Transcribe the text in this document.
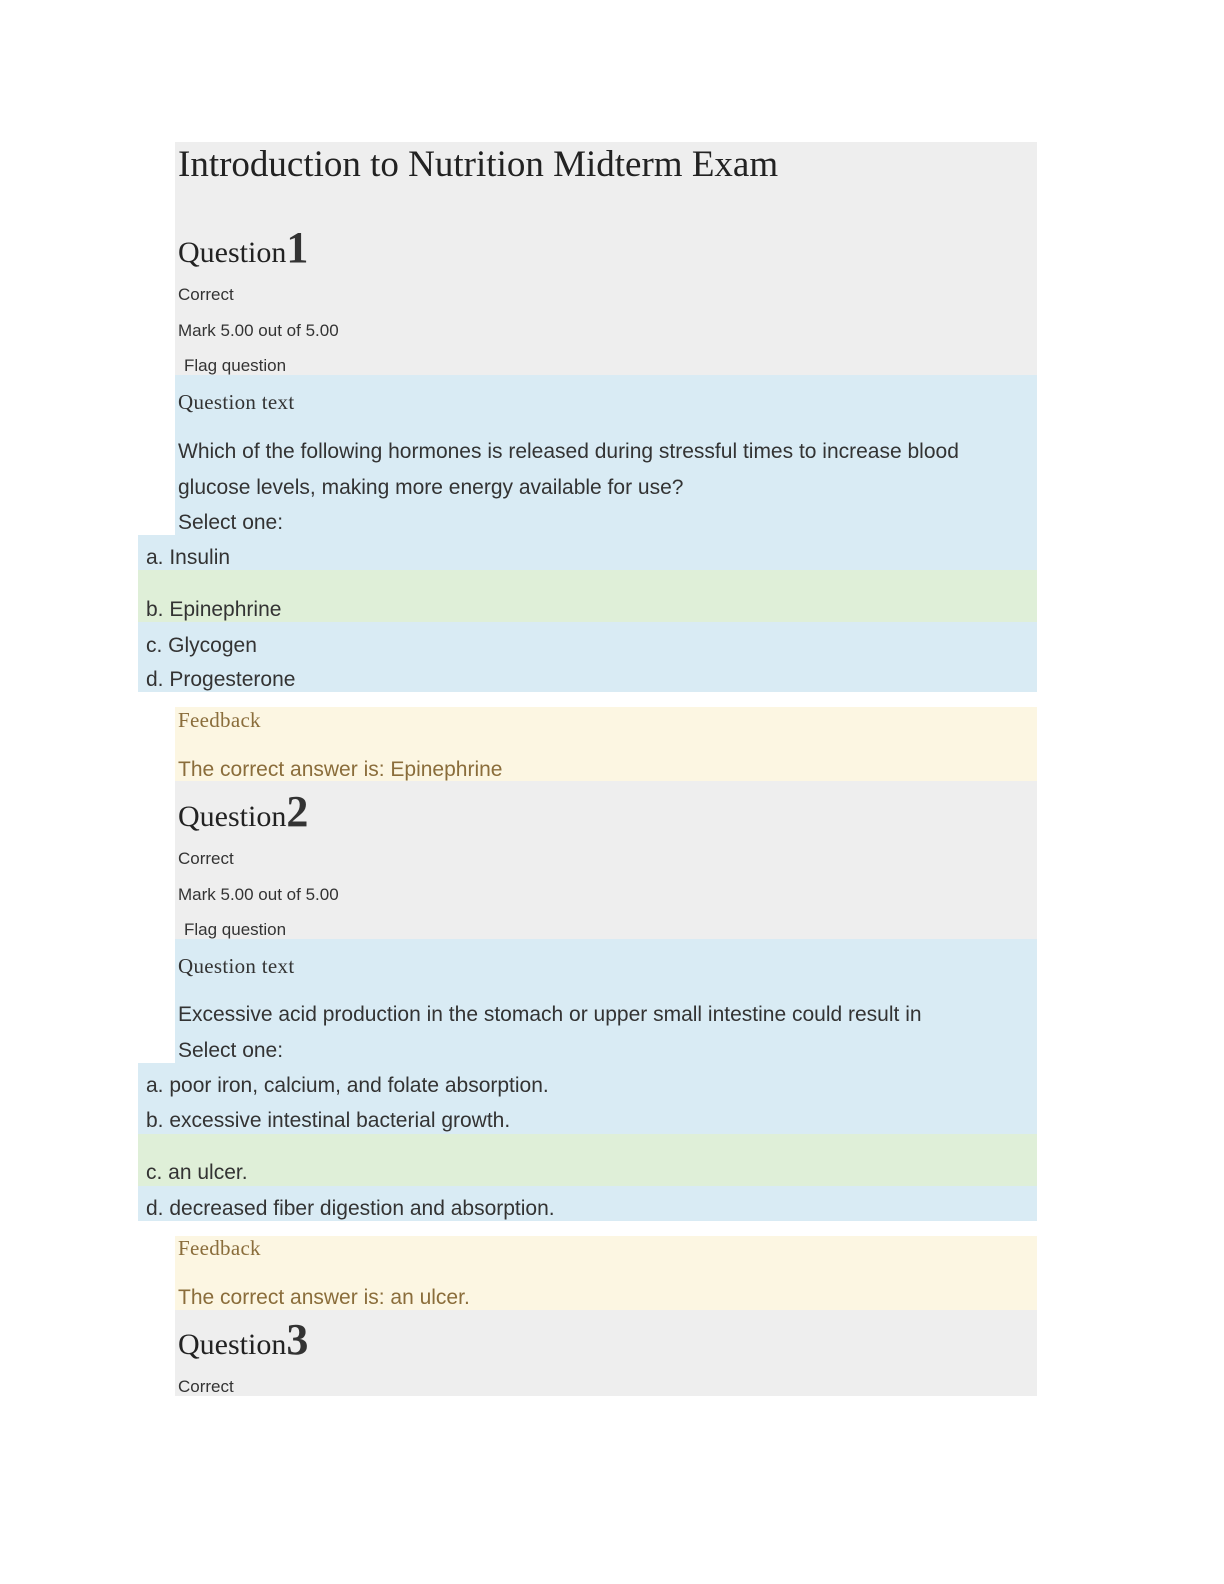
Introduction to Nutrition Midterm Exam
Question1
Correct
Mark 5.00 out of 5.00
Flag question
Question text
Which of the following hormones is released during stressful times to increase blood
glucose levels, making more energy available for use?
Select one:
a. Insulin
b. Epinephrine
c. Glycogen
d. Progesterone
Feedback
The correct answer is: Epinephrine
Question2
Correct
Mark 5.00 out of 5.00
Flag question
Question text
Excessive acid production in the stomach or upper small intestine could result in
Select one:
a. poor iron, calcium, and folate absorption.
b. excessive intestinal bacterial growth.
c. an ulcer.
d. decreased fiber digestion and absorption.
Feedback
The correct answer is: an ulcer.
Question3
Correct
